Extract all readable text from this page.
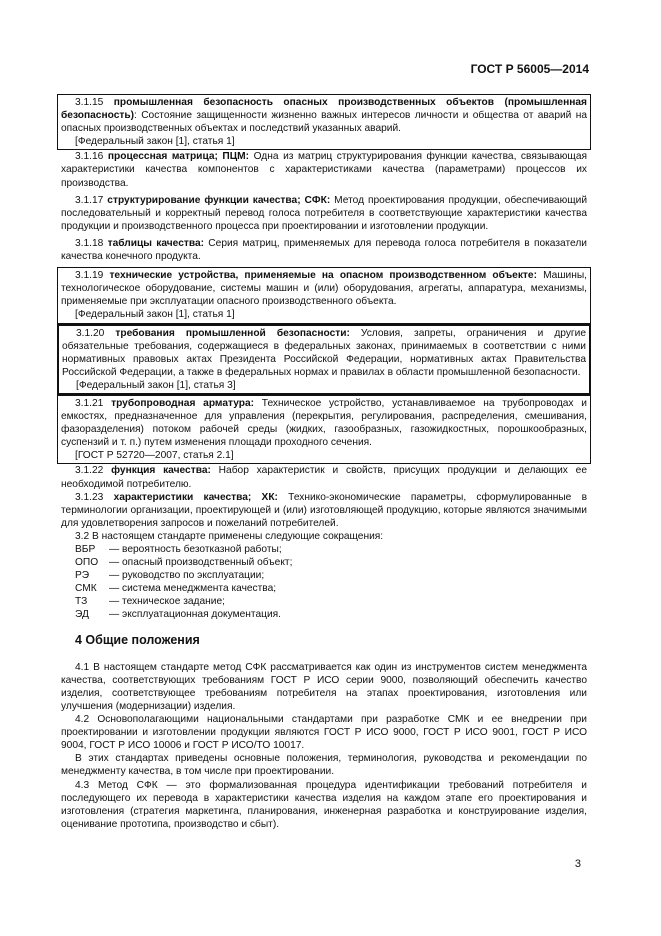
ГОСТ Р 56005—2014

3.1.15 промышленная безопасность опасных производственных объектов (промышленная безопасность): Состояние защищенности жизненно важных интересов личности и общества от аварий на опасных производственных объектах и последствий указанных аварий.

[Федеральный закон [1], статья 1]

3.1.16 процессная матрица; ПЦМ: Одна из матриц структурирования функции качества, связывающая характеристики качества компонентов с характеристиками качества (параметрами) процессов их производства.

3.1.17 структурирование функции качества; СФК: Метод проектирования продукции, обеспечивающий последовательный и корректный перевод голоса потребителя в соответствующие характеристики качества продукции и производственного процесса при проектировании и изготовлении продукции.

3.1.18 таблицы качества: Серия матриц, применяемых для перевода голоса потребителя в показатели качества конечного продукта.

3.1.19 технические устройства, применяемые на опасном производственном объекте: Машины, технологическое оборудование, системы машин и (или) оборудования, агрегаты, аппаратура, механизмы, применяемые при эксплуатации опасного производственного объекта.

[Федеральный закон [1], статья 1]

3.1.20 требования промышленной безопасности: Условия, запреты, ограничения и другие обязательные требования, содержащиеся в федеральных законах, принимаемых в соответствии с ними нормативных правовых актах Президента Российской Федерации, нормативных актах Правительства Российской Федерации, а также в федеральных нормах и правилах в области промышленной безопасности.

[Федеральный закон [1], статья 3]

3.1.21 трубопроводная арматура: Техническое устройство, устанавливаемое на трубопроводах и емкостях, предназначенное для управления (перекрытия, регулирования, распределения, смешивания, фазоразделения) потоком рабочей среды (жидких, газообразных, газожидкостных, порошкообразных, суспензий и т. п.) путем изменения площади проходного сечения.

[ГОСТ Р 52720—2007, статья 2.1]

3.1.22 функция качества: Набор характеристик и свойств, присущих продукции и делающих ее необходимой потребителю.

3.1.23 характеристики качества; ХК: Технико-экономические параметры, сформулированные в терминологии организации, проектирующей и (или) изготовляющей продукцию, которые являются значимыми для удовлетворения запросов и пожеланий потребителей.

3.2 В настоящем стандарте применены следующие сокращения:

ВБР	— вероятность безотказной работы;
ОПО	— опасный производственный объект;
РЭ	— руководство по эксплуатации;
СМК	— система менеджмента качества;
ТЗ	— техническое задание;
ЭД	— эксплуатационная документация.
4 Общие положения

4.1 В настоящем стандарте метод СФК рассматривается как один из инструментов систем менеджмента качества, соответствующих требованиям ГОСТ Р ИСО серии 9000, позволяющий обеспечить качество изделия, соответствующее требованиям потребителя на этапах проектирования, изготовления или улучшения (модернизации) изделия.

4.2 Основополагающими национальными стандартами при разработке СМК и ее внедрении при проектировании и изготовлении продукции являются ГОСТ Р ИСО 9000, ГОСТ Р ИСО 9001, ГОСТ Р ИСО 9004, ГОСТ Р ИСО 10006 и ГОСТ Р ИСО/ТО 10017.

В этих стандартах приведены основные положения, терминология, руководства и рекомендации по менеджменту качества, в том числе при проектировании.

4.3 Метод СФК — это формализованная процедура идентификации требований потребителя и последующего их перевода в характеристики качества изделия на каждом этапе его проектирования и изготовления (стратегия маркетинга, планирования, инженерная разработка и конструирование изделия, оценивание прототипа, производство и сбыт).

3
